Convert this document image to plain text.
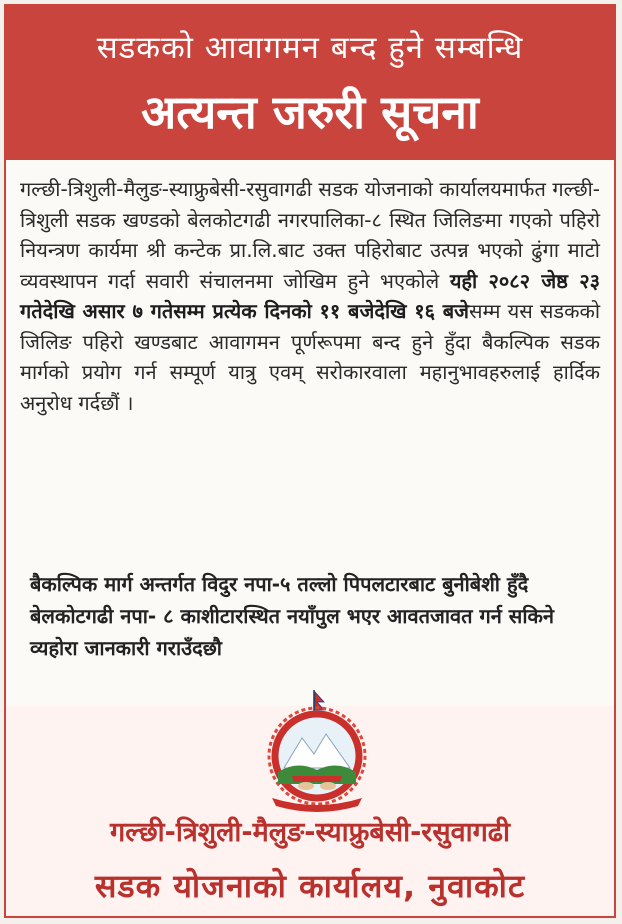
सडकको आवागमन बन्द हुने सम्बन्धि
अत्यन्त जरुरी सूचना
गल्छी-त्रिशुली-मैलुङ-स्याफ्रुबेसी-रसुवागढी सडक योजनाको कार्यालयमार्फत गल्छी-त्रिशुली सडक खण्डको बेलकोटगढी नगरपालिका-८ स्थित जिलिङमा गएको पहिरो नियन्त्रण कार्यमा श्री कन्टेक प्रा.लि.बाट उक्त पहिरोबाट उत्पन्न भएको ढुंगा माटो व्यवस्थापन गर्दा सवारी संचालनमा जोखिम हुने भएकोले यही २०८२ जेष्ठ २३ गतेदेखि असार ७ गतेसम्म प्रत्येक दिनको ११ बजेदेखि १६ बजेसम्म यस सडकको जिलिङ पहिरो खण्डबाट आवागमन पूर्णरूपमा बन्द हुने हुँदा बैकल्पिक सडक मार्गको प्रयोग गर्न सम्पूर्ण यात्रु एवम् सरोकारवाला महानुभावहरुलाई हार्दिक अनुरोध गर्दछौं ।
बैकल्पिक मार्ग अन्तर्गत विदुर नपा-५ तल्लो पिपलटारबाट बुनीबेशी हुँदै बेलकोटगढी नपा- ८ काशीटारस्थित नयाँपुल भएर आवतजावत गर्न सकिने व्यहोरा जानकारी गराउँदछौ
गल्छी-त्रिशुली-मैलुङ-स्याफ्रुबेसी-रसुवागढी
सडक योजनाको कार्यालय, नुवाकोट
